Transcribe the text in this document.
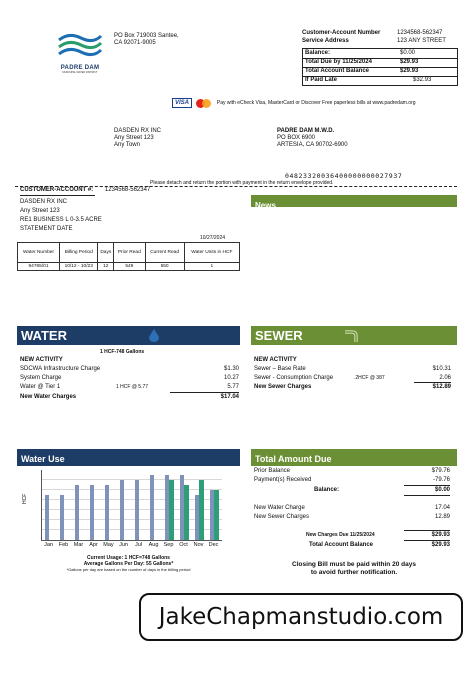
PADRE DAM
MUNICIPAL WATER DISTRICT
PO Box 719003 Santee,
CA 92071-9005
Customer-Account Number	1234568-562347
Service Address	123 ANY STREET
Balance:	$0.00
Total Due by 11/25/2024	$29.93
Total Account Balance	$29.93
If Paid Late	$32.93
VISA	Pay with eCheck Visa, MasterCard or Discover Free paperless bills at www.padredam.org
DASDEN RX INC
Any Street 123
Any Town
PADRE DAM M.W.D.
PO BOX 6900
ARTESIA, CA 90702-6900
04823320036400000000027937
Please detach and return the portion with payment in the return envelope provided.
CUSTOMER-ACCOUNT #: 1234568-562347
DASDEN RX INC
Any Street 123
RE1 BUSINESS L 0-3.5 ACRE
STATEMENT DATE
10/27/2024
News
Water Number	Billing Period	Days	Prior Read	Current Read	Water Units in HCF
94765/01	10/12 - 10/23	12	549	550	1
WATER
1 HCF-748 Gallons
NEW ACTIVITY
SDCWA Infrastructure Charge	$1.30
System Charge	10.27
Water @ Tier 1	1 HCF @ 5.77	5.77
New Water Charges	$17.04
SEWER
NEW ACTIVITY
Sewer – Base Rate	$10.31
Sewer - Consumption Charge	.2HCF @ 387	2.06
New Sewer Charges	$12.89
Water Use
HCF
Jan	Feb	Mar	Apr	May Jun	Jul	Aug Sep	Oct	Nov Dec
Current Usage: 1 HCF=748 Gallons
Average Gallons Per Day: 55 Gallons*
*Gallons per day are based on the number of days in the billing period
Total Amount Due
Prior Balance	$79.76
Payment(s) Received	-79.76
Balance:	$0.00
New Water Charge	17.04
New Sewer Charges	12.89
New Charges Due 11/25/2024	$29.93
Total Account Balance	$29.93
Closing Bill must be paid within 20 days
to avoid further notification.
JakeChapmanstudio.com
